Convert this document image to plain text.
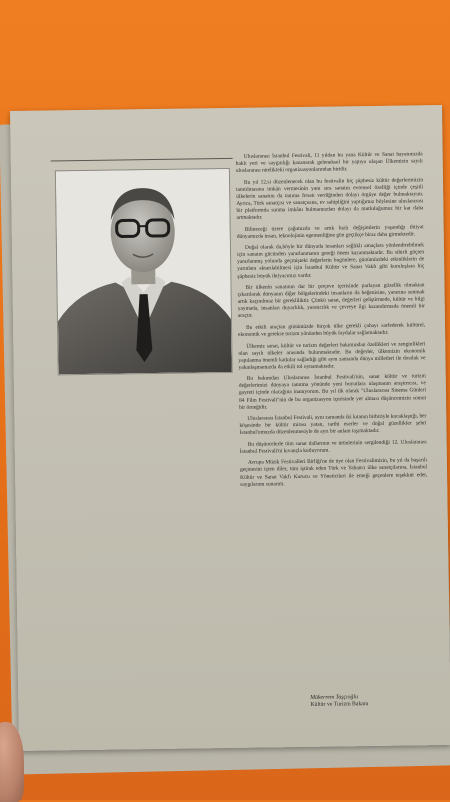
Uluslararası İstanbul Festivali, 11 yıldan bu yana Kültür ve Sanat hayatımızda haklı yeri ve saygınlığı kazanarak geleneksel bir yapıya ulaşan Ülkemizin sayılı uluslararası nitelikteki organizasyonlarından biridir.

Bu yıl 12.si düzenlenecek olan bu festivalin hiç şüphesiz kültür değerlerimizin tanıtılmasına imkân vermesinin yanı sıra sanatın evrensel özelliği içinde çeşitli ülkelerin sanatını da tanıma fırsatı verdiğinden dolayı örgüye değer bulmaktayım. Ayrıca, Türk sanatçısı ve sanatçısına, ev sahipliğini yaptığımız böylesine uluslararası bir platformda sunma imkânı bulmamızdan dolayı da mutluluğumuz bir kat daha artmaktadır.

Bilineceği üzere çağımızda ve artık hızlı değişimlerin yaşandığı ihtiyat dünyamızda insan, teknolojinin egemenliğine gün geçtikçe biraz daha girmektedir.

Doğal olarak da,böyle bir dünyada insanları sağlıklı amaçlara yönlendirebilmek için sanatın gücünden yararlanmanın gereği önem kazanmaktadır. Bu sihirli güçten yararlanmış yolunda geçmişteki değerlerin bugünlere, günümüzdeki etkinliklerin de yarınlara aktarılabilmesi için İstanbul Kültür ve Sanat Vakfı gibi kuruluşlara hiç şüphesiz büyük ihtiyacımız vardır.

Bir ülkenin sanatının dar bir çerçeve içerisinde parlayan güzellik olmaktan çıkarılarak dünyanın diğer bölgelerindeki insanların da beğenisine, yararına sunmak artık kaçınılmaz bir gerekliliktir. Çünkü sanat, değerleri geliştirmede, kültür ve bilgi yaymada, insanları duyarlılık, yaratıcılık ve çevreye ilgi kazandırmada önemli bir araçtır.

Bu etkili araçtan günümüzde birçok ülke gerekli çabayı sarfederek kültürel, ekonomik ve gerekse turizm yönünden büyük faydalar sağlamaktadır.

Ülkemiz sanat, kültür ve turizm değerleri bakımından özellikleri ve zenginlikleri olan sayılı ülkeler arasında bulunmaktadır. Bu değerler, ülkemizin ekonomik yapılanma önemli katkılar sağladığı gibi aynı zamanda dünya milletleri ile dostluk ve yakınlaşmamızda da etkili rol oynamaktadır.

Bu bakımdan Uluslararası İstanbul Festivali'nin, sanat kültür ve turizm değerlerimizi dünyaya tanıtma yönünde yeni boyutlara ulaşmanın araştırıcısı, ve gayreti içinde olacağına inanıyorum. Bu yıl ilk olarak "Uluslararası Sinema Günleri 84 Film Festivali"nin de bu organizasyon içerisinde yer alması düşüncemizin somut bir örneğidir.

Uluslararası İstanbul Festivali, aynı zamanda iki kıtanın birbiriyle kucaklaştığı, her köşesinde bir kültür mirası yatan, tarihi eserler ve doğal güzellikler şehri İstanbul'umuzda düzenlenmesiyle de ayrı bir anlam taşımaktadır.

Bu düşüncelerle tüm sanat dallarının ve ürünlerinin sergilendiği 12. Uluslararası İstanbul Festivali'ni kıvançla kutluyorum.

Avrupa Müzik Festivalleri Birliği'ne de üye olan Festivalimizin, bu yıl da başarılı geçmesini içten diler, tüm iştirak eden Türk ve Yabancı ülke sanatçılarına, İstanbul Kültür ve Sanat Vakfı Kurucu ve Yöneticileri ile emeği geçenlere teşekkür eder, saygılarımı sunarım.

Mükerrem Taşçıoğlu
Kültür ve Turizm Bakanı
